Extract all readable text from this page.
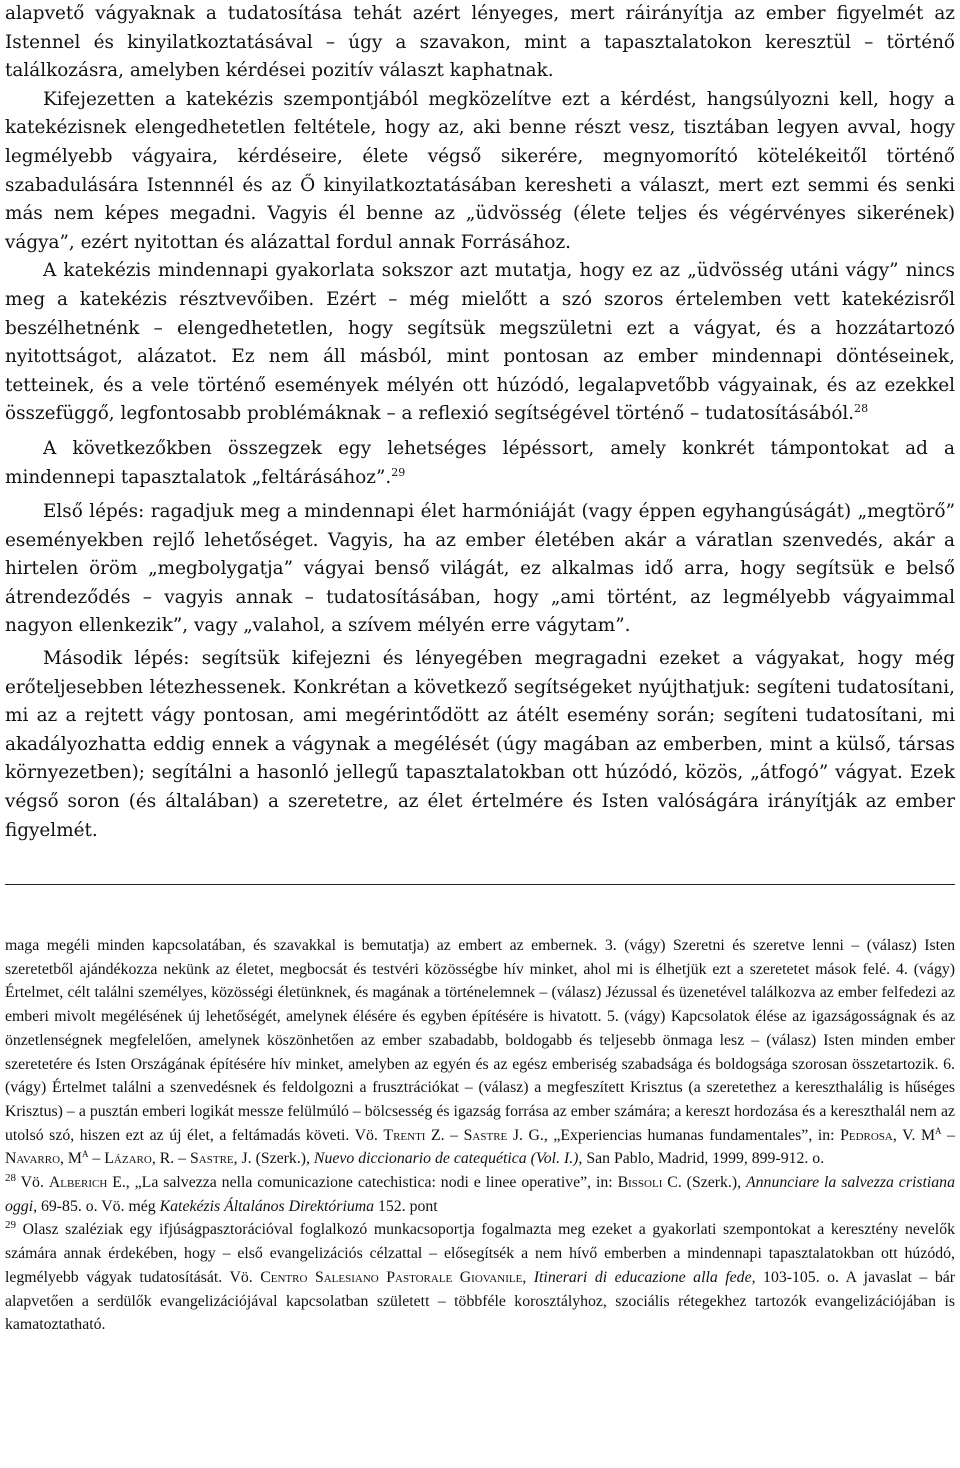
alapvető vágyaknak a tudatosítása tehát azért lényeges, mert ráirányítja az ember figyelmét az Istennel és kinyilatkoztatásával – úgy a szavakon, mint a tapasztalatokon keresztül – történő találkozásra, amelyben kérdései pozitív választ kaphatnak.

Kifejezetten a katekézis szempontjából megközelítve ezt a kérdést, hangsúlyozni kell, hogy a katekézisnek elengedhetetlen feltétele, hogy az, aki benne részt vesz, tisztában legyen avval, hogy legmélyebb vágyaira, kérdéseire, élete végső sikerére, megnyomorító kötelékeitől történő szabadulására Istennnél és az Ő kinyilatkoztatásában keresheti a választ, mert ezt semmi és senki más nem képes megadni. Vagyis él benne az „üdvösség (élete teljes és végérvényes sikerének) vágya”, ezért nyitottan és alázattal fordul annak Forrásához.

A katekézis mindennapi gyakorlata sokszor azt mutatja, hogy ez az „üdvösség utáni vágy” nincs meg a katekézis résztvevőiben. Ezért – még mielőtt a szó szoros értelemben vett katekézisről beszélhetnénk – elengedhetetlen, hogy segítsük megszületni ezt a vágyat, és a hozzátartozó nyitottságot, alázatot. Ez nem áll másból, mint pontosan az ember mindennapi döntéseinek, tetteinek, és a vele történő események mélyén ott húzódó, legalapvetőbb vágyainak, és az ezekkel összefüggő, legfontosabb problémáknak – a reflexió segítségével történő – tudatosításából.$^{28}$

A következőkben összegzek egy lehetséges lépéssort, amely konkrét támpontokat ad a mindennepi tapasztalatok „feltárásához”.$^{29}$

Első lépés: ragadjuk meg a mindennapi élet harmóniáját (vagy éppen egyhangúságát) „megtörő” eseményekben rejlő lehetőséget. Vagyis, ha az ember életében akár a váratlan szenvedés, akár a hirtelen öröm „megbolygatja” vágyai benső világát, ez alkalmas idő arra, hogy segítsük e belső átrendeződés – vagyis annak – tudatosításában, hogy „ami történt, az legmélyebb vágyaimmal nagyon ellenkezik”, vagy „valahol, a szívem mélyén erre vágytam”.

Második lépés: segítsük kifejezni és lényegében megragadni ezeket a vágyakat, hogy még erőteljesebben létezhessenek. Konkrétan a következő segítségeket nyújthatjuk: segíteni tudatosítani, mi az a rejtett vágy pontosan, ami megérintődött az átélt esemény során; segíteni tudatosítani, mi akadályozhatta eddig ennek a vágynak a megélését (úgy magában az emberben, mint a külső, társas környezetben); segítálni a hasonló jellegű tapasztalatokban ott húzódó, közös, „átfogó” vágyat. Ezek végső soron (és általában) a szeretetre, az élet értelmére és Isten valóságára irányítják az ember figyelmét.

maga megéli minden kapcsolatában, és szavakkal is bemutatja) az embert az embernek. 3. (vágy) Szeretni és szeretve lenni – (válasz) Isten szeretetből ajándékozza nekünk az életet, megbocsát és testvéri közösségbe hív minket, ahol mi is élhetjük ezt a szeretetet mások felé. 4. (vágy) Értelmet, célt találni személyes, közösségi életünknek, és magának a történelemnek – (válasz) Jézussal és üzenetével találkozva az ember felfedezi az emberi mivolt megélésének új lehetőségét, amelynek élésére és egyben építésére is hivatott. 5. (vágy) Kapcsolatok élése az igazságosságnak és az önzetlenségnek megfelelően, amelynek köszönhetően az ember szabadabb, boldogabb és teljesebb önmaga lesz – (válasz) Isten minden ember szeretetére és Isten Országának építésére hív minket, amelyben az egyén és az egész emberiség szabadsága és boldogsága szorosan összetartozik. 6. (vágy) Értelmet találni a szenvedésnek és feldolgozni a frusztrációkat – (válasz) a megfeszített Krisztus (a szeretethez a kereszthalálig is hűséges Krisztus) – a pusztán emberi logikát messze felülmúló – bölcsesség és igazság forrása az ember számára; a kereszt hordozása és a kereszthalál nem az utolsó szó, hiszen ezt az új élet, a feltámadás követi. Vö. Trenti Z. – Sastre J. G., „Experiencias humanas fundamentales”, in: Pedrosa, V. $M^A$ – Navarro, $M^A$ – Lázaro, R. – Sastre, J. (Szerk.), Nuevo diccionario de catequética (Vol. I.), San Pablo, Madrid, 1999, 899-912. o.

$^{28}$ Vö. Alberich E., „La salvezza nella comunicazione catechistica: nodi e linee operative”, in: Bissoli C. (Szerk.), Annunciare la salvezza cristiana oggi, 69-85. o. Vö. még Katekézis Általános Direktóriuma 152. pont

$^{29}$ Olasz szaléziak egy ifjúságpasztorációval foglalkozó munkacsoportja fogalmazta meg ezeket a gyakorlati szempontokat a keresztény nevelők számára annak érdekében, hogy – első evangelizációs célzattal – elősegítsék a nem hívő emberben a mindennapi tapasztalatokban ott húzódó, legmélyebb vágyak tudatosítását. Vö. Centro Salesiano Pastorale Giovanile, Itinerari di educazione alla fede, 103-105. o. A javaslat – bár alapvetően a serdülők evangelizációjával kapcsolatban született – többféle korosztályhoz, szociális rétegekhez tartozók evangelizációjában is kamatoztatható.
